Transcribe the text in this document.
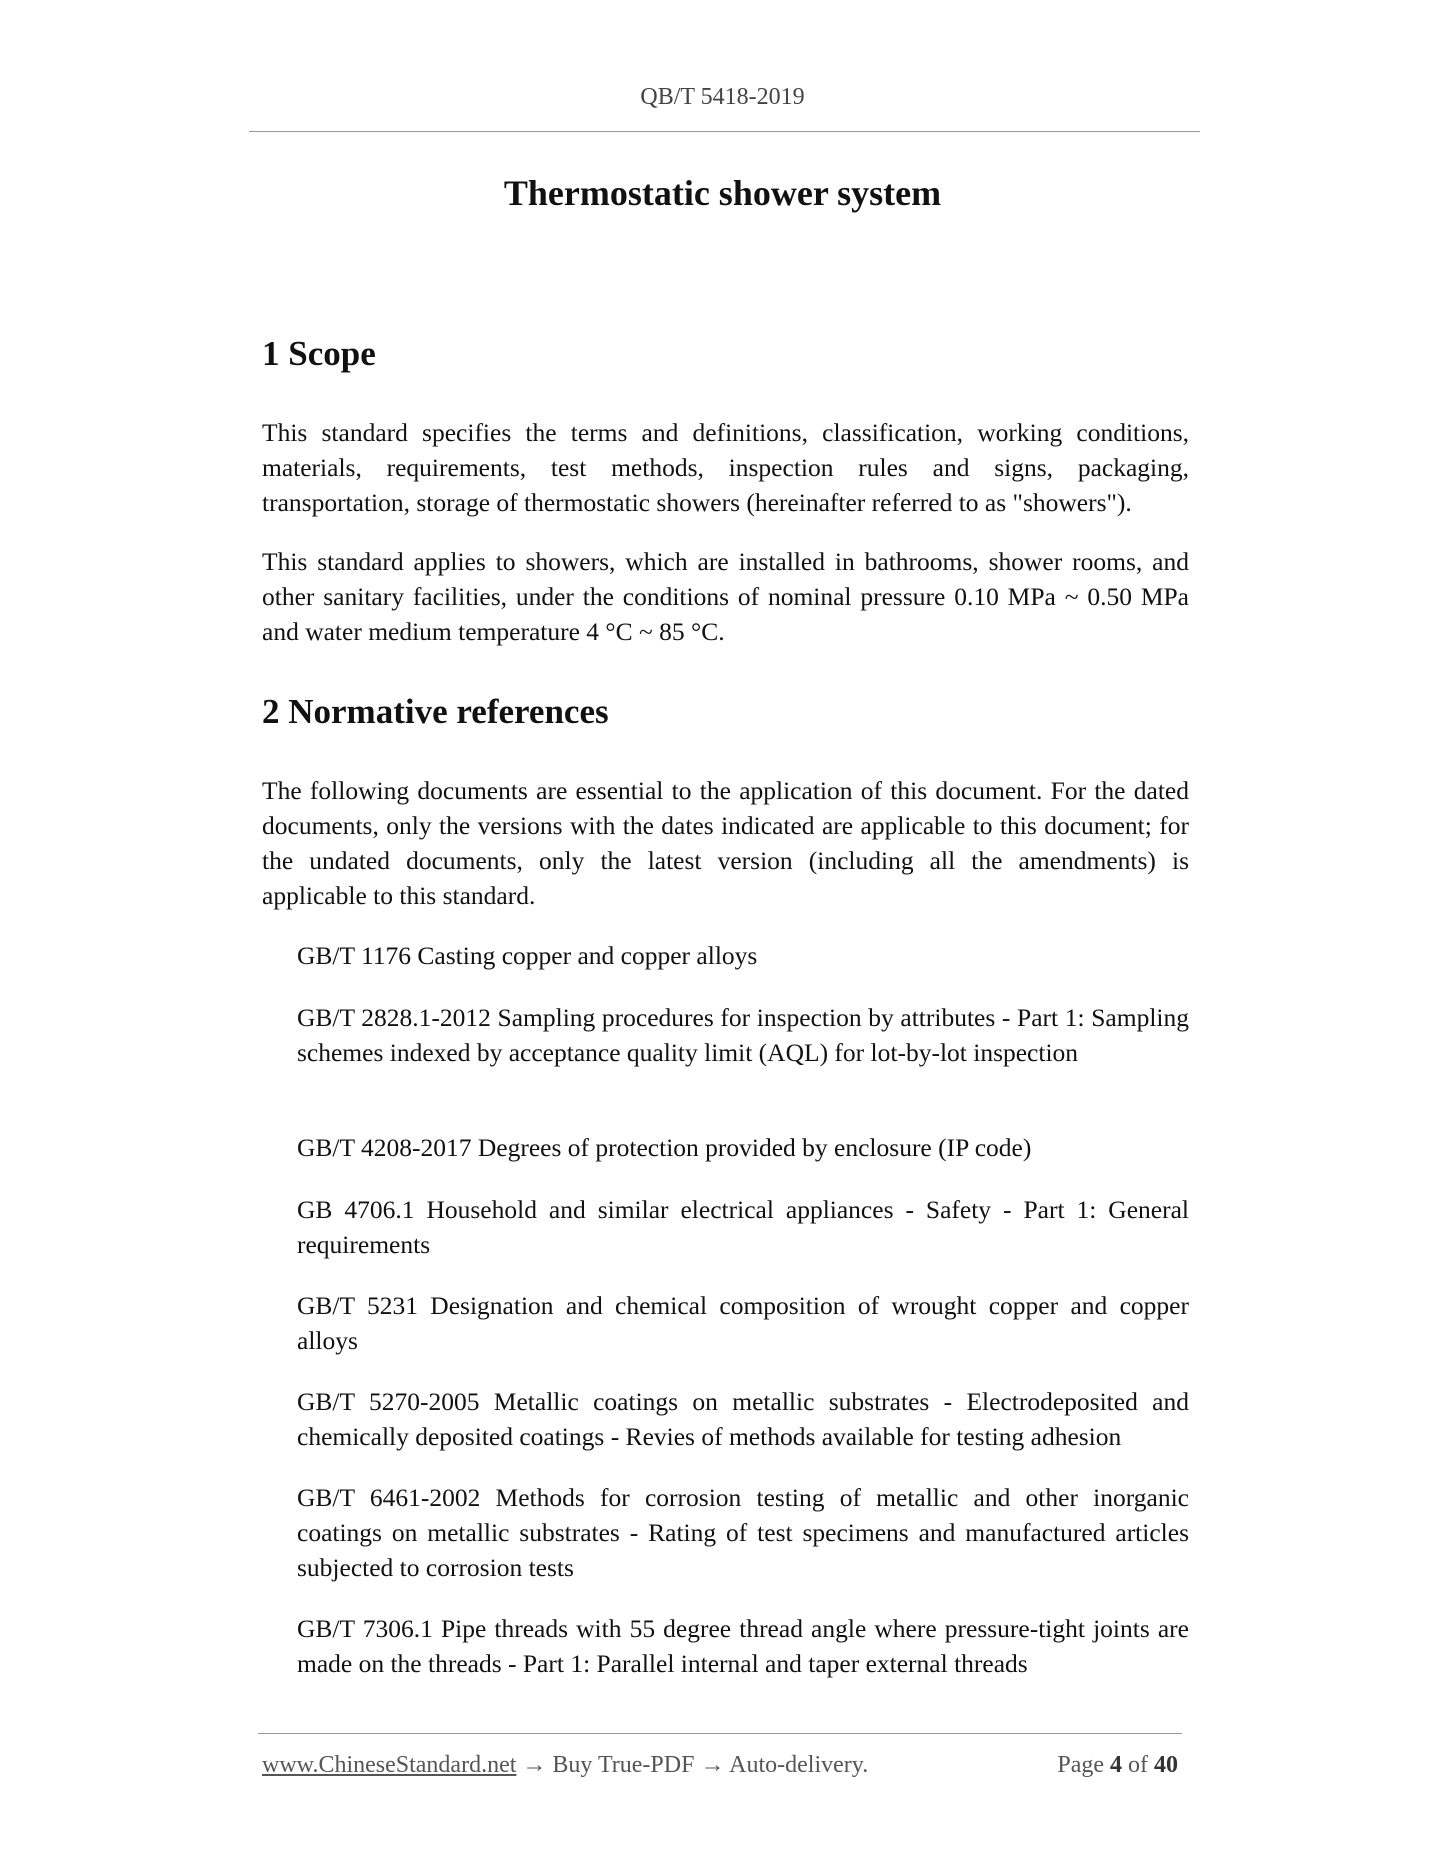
QB/T 5418-2019
Thermostatic shower system
1 Scope

This standard specifies the terms and definitions, classification, working conditions, materials, requirements, test methods, inspection rules and signs, packaging, transportation, storage of thermostatic showers (hereinafter referred to as "showers").

This standard applies to showers, which are installed in bathrooms, shower rooms, and other sanitary facilities, under the conditions of nominal pressure 0.10 MPa ~ 0.50 MPa and water medium temperature 4 °C ~ 85 °C.

2 Normative references

The following documents are essential to the application of this document. For the dated documents, only the versions with the dates indicated are applicable to this document; for the undated documents, only the latest version (including all the amendments) is applicable to this standard.

GB/T 1176 Casting copper and copper alloys

GB/T 2828.1-2012 Sampling procedures for inspection by attributes - Part 1: Sampling schemes indexed by acceptance quality limit (AQL) for lot-by-lot inspection

GB/T 4208-2017 Degrees of protection provided by enclosure (IP code)

GB 4706.1 Household and similar electrical appliances - Safety - Part 1: General requirements

GB/T 5231 Designation and chemical composition of wrought copper and copper alloys

GB/T 5270-2005 Metallic coatings on metallic substrates - Electrodeposited and chemically deposited coatings - Revies of methods available for testing adhesion

GB/T 6461-2002 Methods for corrosion testing of metallic and other inorganic coatings on metallic substrates - Rating of test specimens and manufactured articles subjected to corrosion tests

GB/T 7306.1 Pipe threads with 55 degree thread angle where pressure-tight joints are made on the threads - Part 1: Parallel internal and taper external threads

www.ChineseStandard.net → Buy True-PDF → Auto-delivery.	Page 4 of 40
